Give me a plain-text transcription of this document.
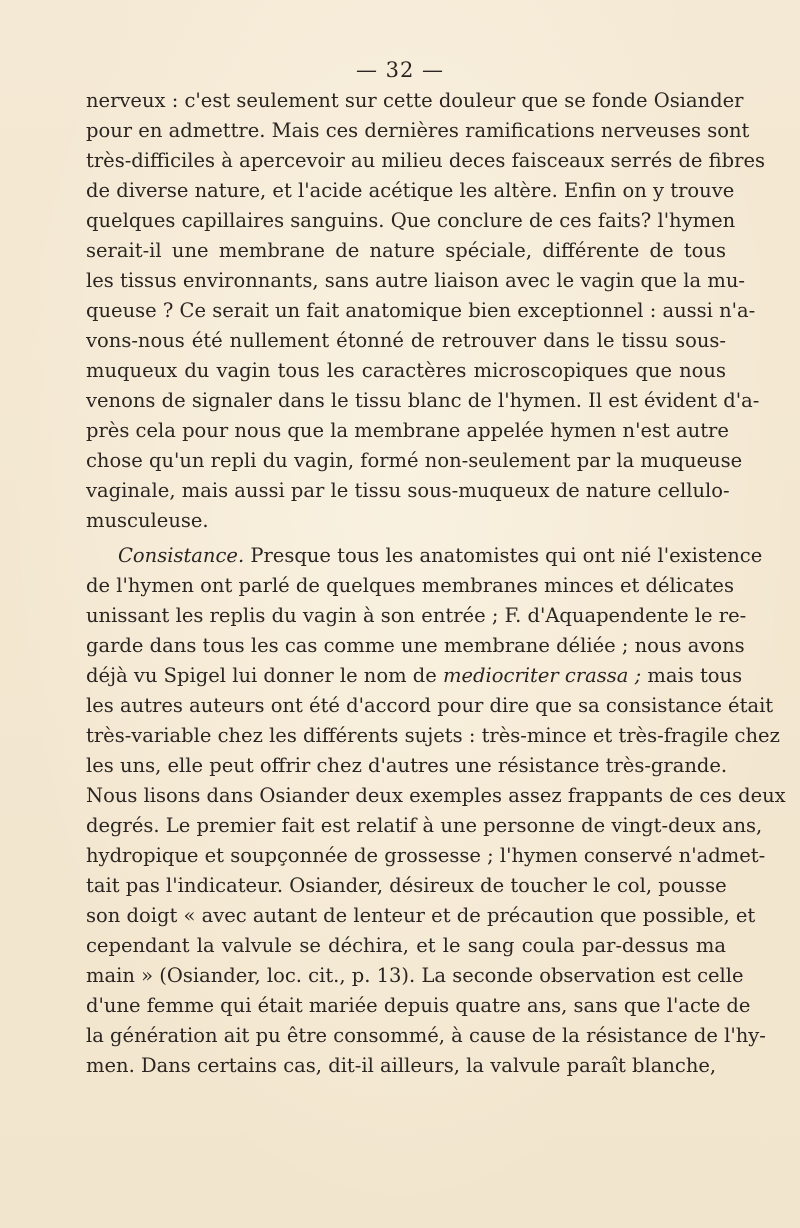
— 32 —
nerveux : c'est seulement sur cette douleur que se fonde Osiander
pour en admettre. Mais ces dernières ramifications nerveuses sont
très-difficiles à apercevoir au milieu deces faisceaux serrés de fibres
de diverse nature, et l'acide acétique les altère. Enfin on y trouve
quelques capillaires sanguins. Que conclure de ces faits? l'hymen
serait-il une membrane de nature spéciale, différente de tous
les tissus environnants, sans autre liaison avec le vagin que la mu-
queuse ? Ce serait un fait anatomique bien exceptionnel : aussi n'a-
vons-nous été nullement étonné de retrouver dans le tissu sous-
muqueux du vagin tous les caractères microscopiques que nous
venons de signaler dans le tissu blanc de l'hymen. Il est évident d'a-
près cela pour nous que la membrane appelée hymen n'est autre
chose qu'un repli du vagin, formé non-seulement par la muqueuse
vaginale, mais aussi par le tissu sous-muqueux de nature cellulo-
musculeuse.
Consistance. Presque tous les anatomistes qui ont nié l'existence
de l'hymen ont parlé de quelques membranes minces et délicates
unissant les replis du vagin à son entrée ; F. d'Aquapendente le re-
garde dans tous les cas comme une membrane déliée ; nous avons
déjà vu Spigel lui donner le nom de mediocriter crassa ; mais tous
les autres auteurs ont été d'accord pour dire que sa consistance était
très-variable chez les différents sujets : très-mince et très-fragile chez
les uns, elle peut offrir chez d'autres une résistance très-grande.
Nous lisons dans Osiander deux exemples assez frappants de ces deux
degrés. Le premier fait est relatif à une personne de vingt-deux ans,
hydropique et soupçonnée de grossesse ; l'hymen conservé n'admet-
tait pas l'indicateur. Osiander, désireux de toucher le col, pousse
son doigt « avec autant de lenteur et de précaution que possible, et
cependant la valvule se déchira, et le sang coula par-dessus ma
main » (Osiander, loc. cit., p. 13). La seconde observation est celle
d'une femme qui était mariée depuis quatre ans, sans que l'acte de
la génération ait pu être consommé, à cause de la résistance de l'hy-
men. Dans certains cas, dit-il ailleurs, la valvule paraît blanche,
